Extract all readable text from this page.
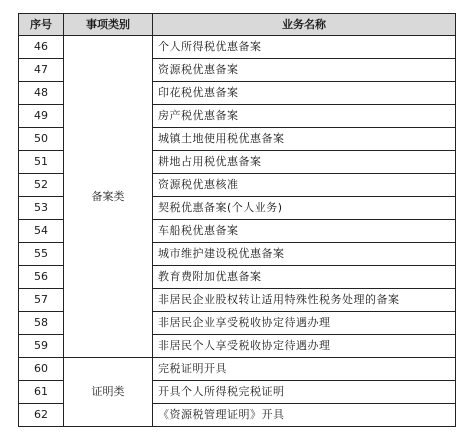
序号	事项类别	业务名称
46	备案类	个人所得税优惠备案
47		资源税优惠备案
48		印花税优惠备案
49		房产税优惠备案
50		城镇土地使用税优惠备案
51		耕地占用税优惠备案
52		资源税优惠核准
53		契税优惠备案(个人业务)
54		车船税优惠备案
55		城市维护建设税优惠备案
56		教育费附加优惠备案
57		非居民企业股权转让适用特殊性税务处理的备案
58		非居民企业享受税收协定待遇办理
59		非居民个人享受税收协定待遇办理
60	证明类	完税证明开具
61		开具个人所得税完税证明
62		《资源税管理证明》开具
